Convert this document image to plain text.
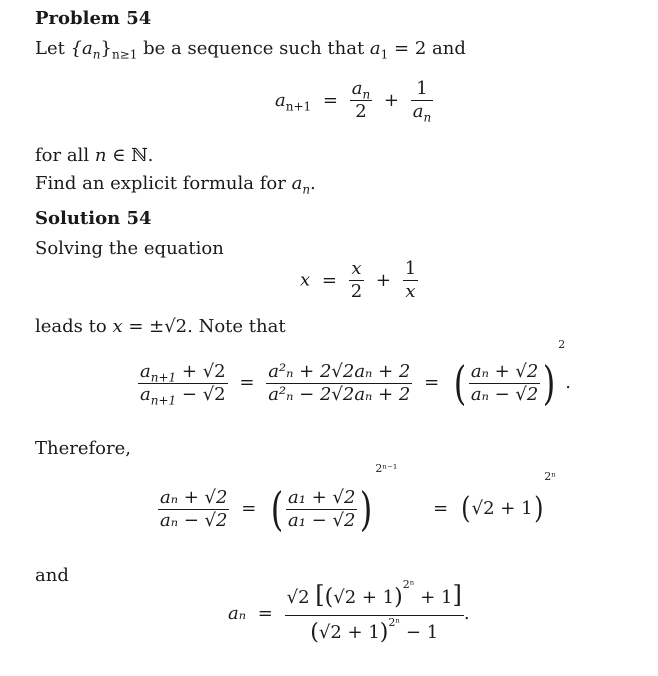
Problem 54
Let $\{a_n\}_{n\ge 1}$ be a sequence such that $a_1 = 2$ and
$a_{n+1} = \frac{a_n}{2} + \frac{1}{a_n}$
for all n ∈ ℕ.
Find an explicit formula for $a_n$.
Solution 54
Solving the equation
$x = \frac{x}{2} + \frac{1}{x}$
leads to x = ±√2. Note that
$\frac{a_{n+1} + √2}{a_{n+1} - √2} = \frac{\text{a²ₙ + 2√2aₙ + 2}}{\text{a²ₙ − 2√2aₙ + 2}}$ = ( $\frac{\text{aₙ + √2}}{\text{aₙ − √2}} )^2$.
Therefore,
$\frac{\text{aₙ + √2}}{\text{aₙ − √2}}$ = ( $\frac{\text{a₁ + √2}}{\text{a₁ − √2}} )^{2^{n-1}} = (√2 + 1)^{2^n}$
and
$a_n = \frac{√2 [(√2 + 1)^{2^n} + 1]}{(√2 + 1)^{2^n} - 1}$ .
